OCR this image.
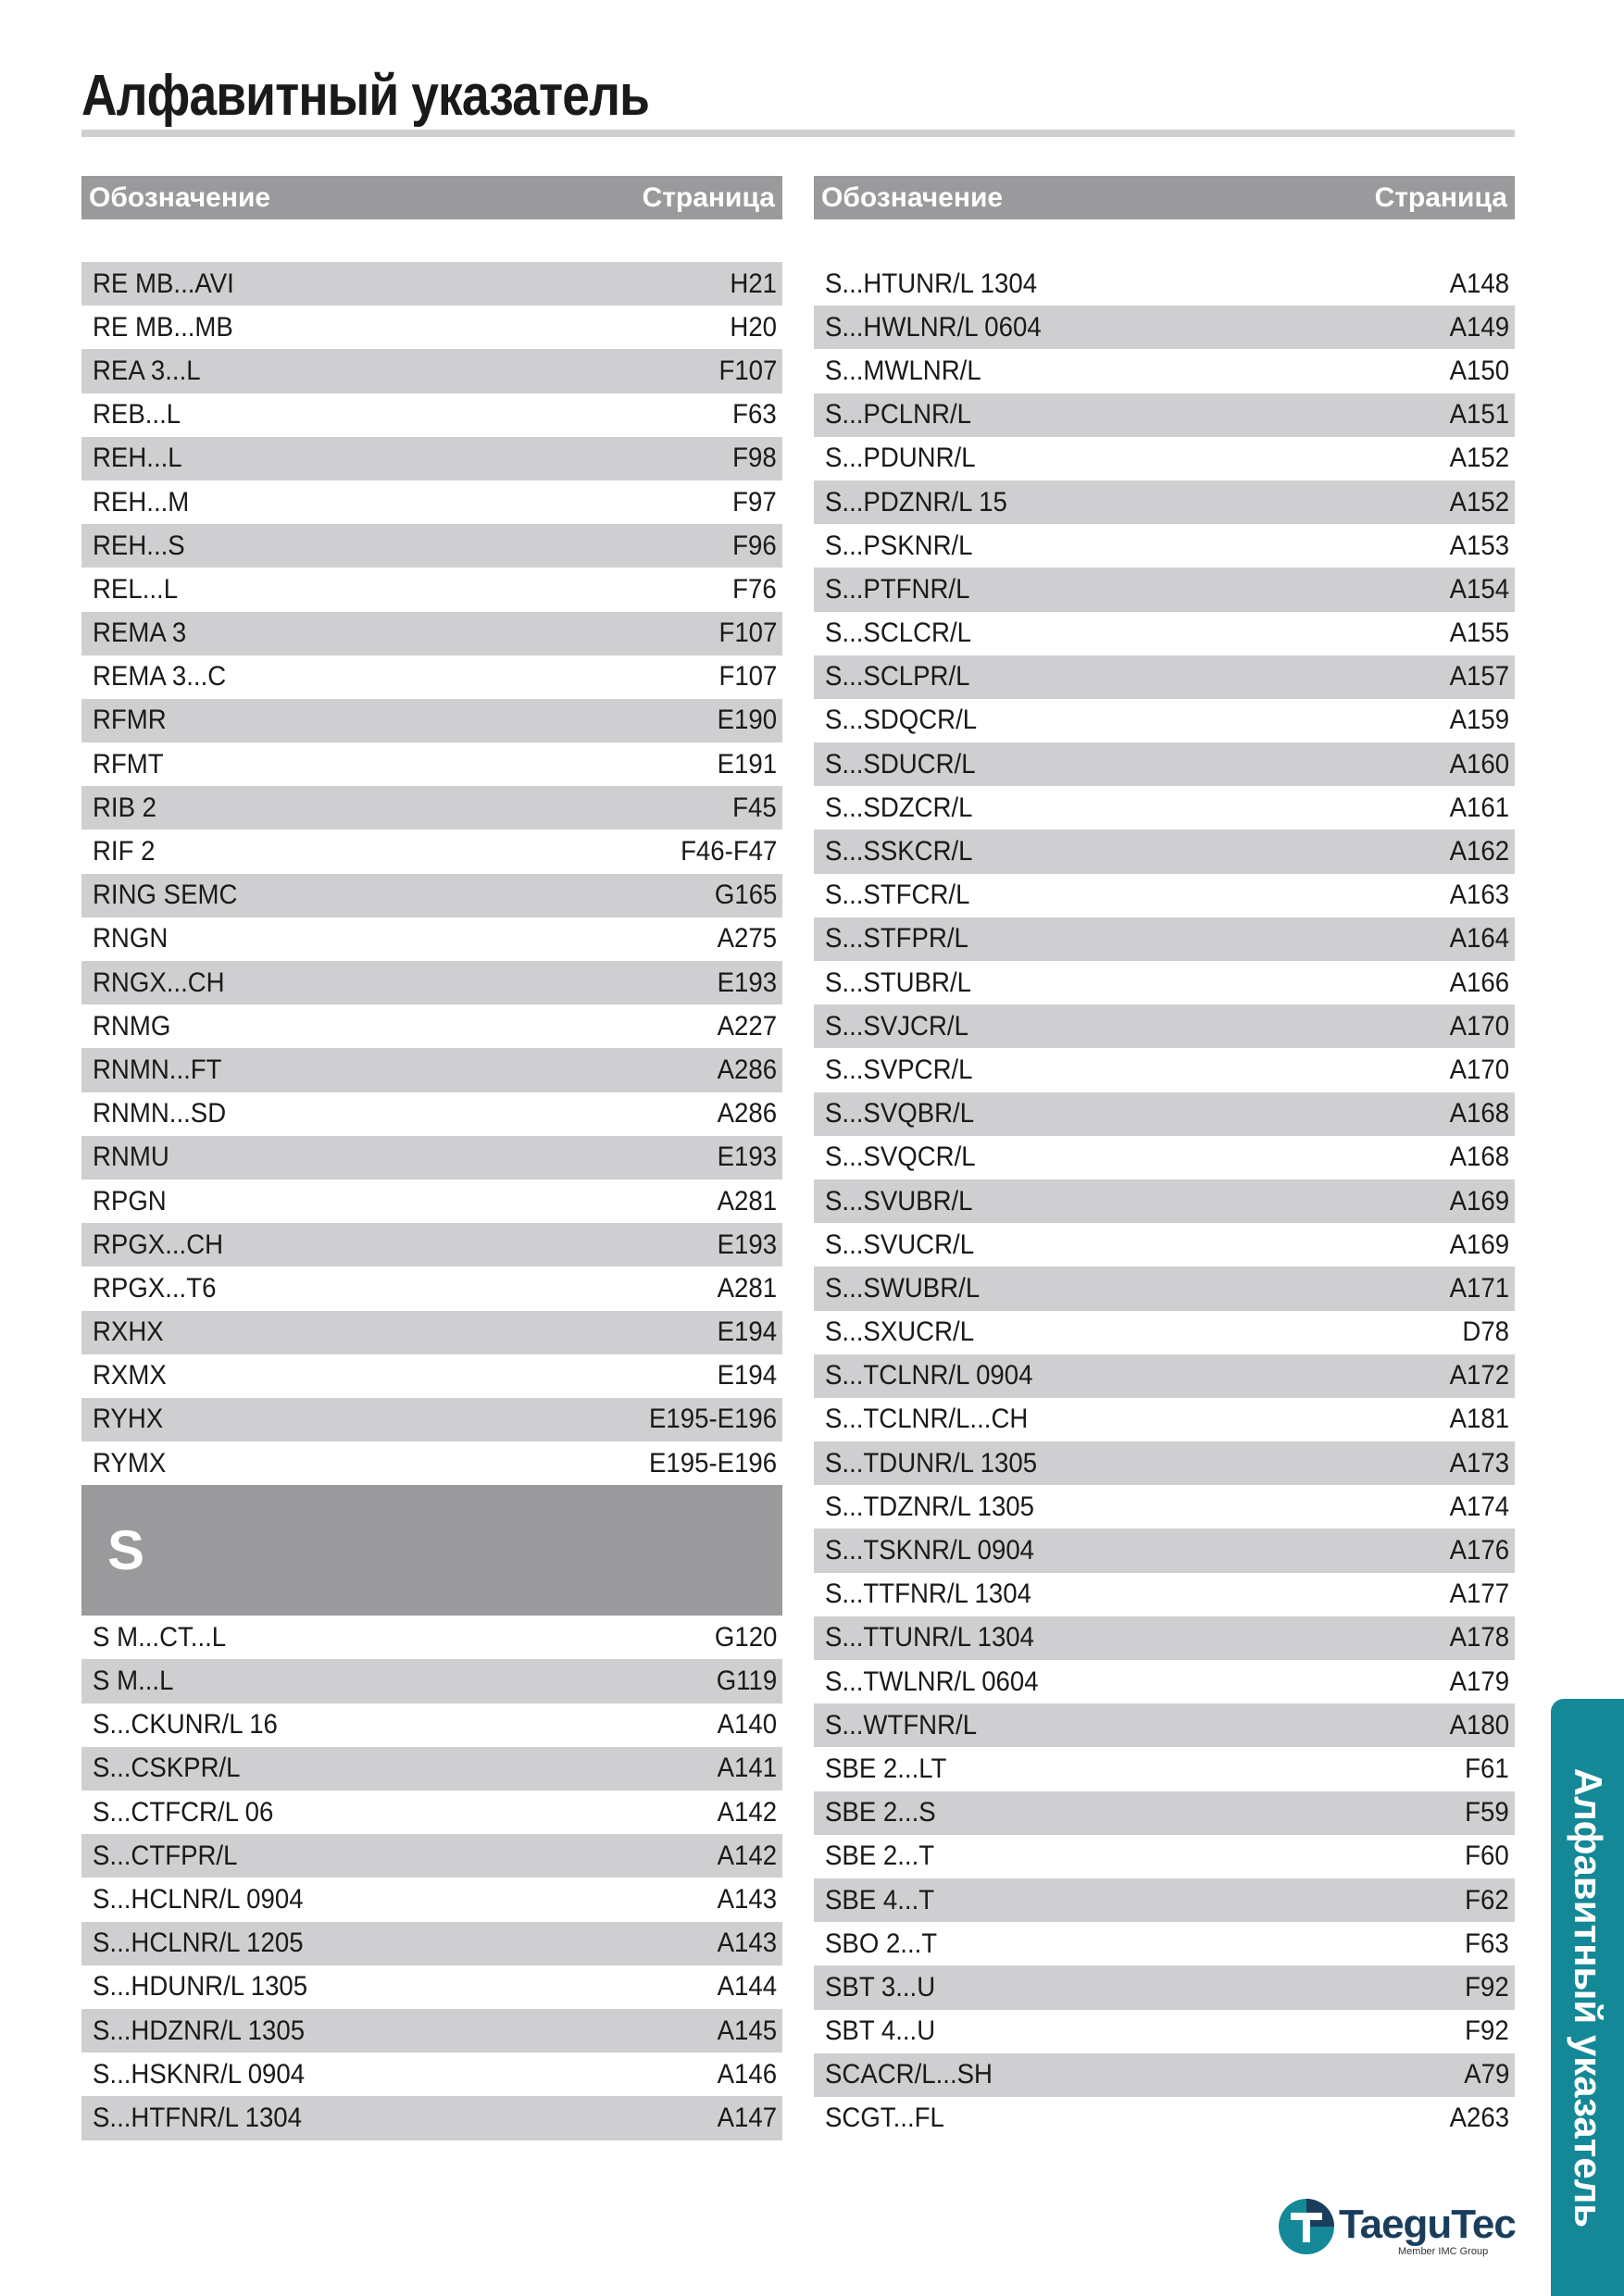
Алфавитный указатель
Обозначение	Страница
RE MB...AVI	H21
RE MB...MB	H20
REA 3...L	F107
REB...L	F63
REH...L	F98
REH...M	F97
REH...S	F96
REL...L	F76
REMA 3	F107
REMA 3...C	F107
RFMR	E190
RFMT	E191
RIB 2	F45
RIF 2	F46-F47
RING SEMC	G165
RNGN	A275
RNGX...CH	E193
RNMG	A227
RNMN...FT	A286
RNMN...SD	A286
RNMU	E193
RPGN	A281
RPGX...CH	E193
RPGX...T6	A281
RXHX	E194
RXMX	E194
RYHX	E195-E196
RYMX	E195-E196
S
S M...CT...L	G120
S M...L	G119
S...CKUNR/L 16	A140
S...CSKPR/L	A141
S...CTFCR/L 06	A142
S...CTFPR/L	A142
S...HCLNR/L 0904	A143
S...HCLNR/L 1205	A143
S...HDUNR/L 1305	A144
S...HDZNR/L 1305	A145
S...HSKNR/L 0904	A146
S...HTFNR/L 1304	A147
Обозначение	Страница
S...HTUNR/L 1304	A148
S...HWLNR/L 0604	A149
S...MWLNR/L	A150
S...PCLNR/L	A151
S...PDUNR/L	A152
S...PDZNR/L 15	A152
S...PSKNR/L	A153
S...PTFNR/L	A154
S...SCLCR/L	A155
S...SCLPR/L	A157
S...SDQCR/L	A159
S...SDUCR/L	A160
S...SDZCR/L	A161
S...SSKCR/L	A162
S...STFCR/L	A163
S...STFPR/L	A164
S...STUBR/L	A166
S...SVJCR/L	A170
S...SVPCR/L	A170
S...SVQBR/L	A168
S...SVQCR/L	A168
S...SVUBR/L	A169
S...SVUCR/L	A169
S...SWUBR/L	A171
S...SXUCR/L	D78
S...TCLNR/L 0904	A172
S...TCLNR/L...CH	A181
S...TDUNR/L 1305	A173
S...TDZNR/L 1305	A174
S...TSKNR/L 0904	A176
S...TTFNR/L 1304	A177
S...TTUNR/L 1304	A178
S...TWLNR/L 0604	A179
S...WTFNR/L	A180
SBE 2...LT	F61
SBE 2...S	F59
SBE 2...T	F60
SBE 4...T	F62
SBO 2...T	F63
SBT 3...U	F92
SBT 4...U	F92
SCACR/L...SH	A79
SCGT...FL	A263 Алфавитный указатель
TaeguTec
Member IMC Group
